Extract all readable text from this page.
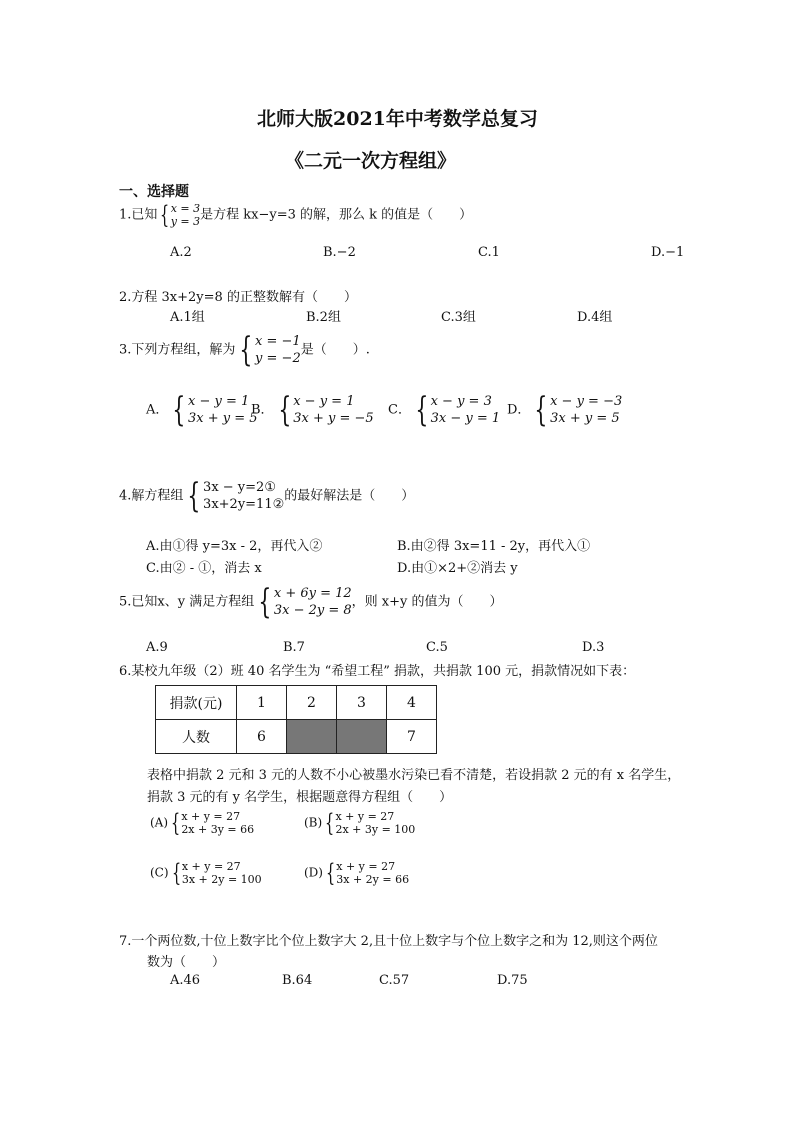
北师大版2021年中考数学总复习
《二元一次方程组》
一、选择题
1.已知 { x = 3
y = 3 是方程 kx−y=3 的解，那么 k 的值是（　　）
A.2	B.−2	C.1	D.−1
2.方程 3x+2y=8 的正整数解有（　　）
A.1组	B.2组	C.3组	D.4组
3.下列方程组，解为 { x = −1
y = −2
是（　　）.
A． { x − y = 1
3x + y = 5
B． { x − y = 1
3x + y = −5
C． { x − y = 3
3x − y = 1
D． { x − y = −3
3x + y = 5
4.解方程组 { 3x − y=2①
3x+2y=11②
的最好解法是（　　）
A.由①得 y=3x - 2，再代入②	B.由②得 3x=11 - 2y，再代入①
C.由② - ①，消去 x	D.由①×2+②消去 y
5.已知x、y 满足方程组 { x + 6y = 12
3x − 2y = 8
，则 x+y 的值为（　　）
A.9	B.7	C.5	D.3
6.某校九年级（2）班 40 名学生为 “希望工程” 捐款，共捐款 100 元，捐款情况如下表：
捐款(元)	1	2	3	4
人数	6			7
表格中捐款 2 元和 3 元的人数不小心被墨水污染已看不清楚，若设捐款 2 元的有 x 名学生，
捐款 3 元的有 y 名学生，根据题意得方程组（　　）
(A) { x + y = 27
2x + 3y = 66	(B) { x + y = 27
2x + 3y = 100
(C) { x + y = 27
3x + 2y = 100	(D) { x + y = 27
3x + 2y = 66
7.一个两位数,十位上数字比个位上数字大 2,且十位上数字与个位上数字之和为 12,则这个两位
数为（　　）
A.46	B.64	C.57	D.75
